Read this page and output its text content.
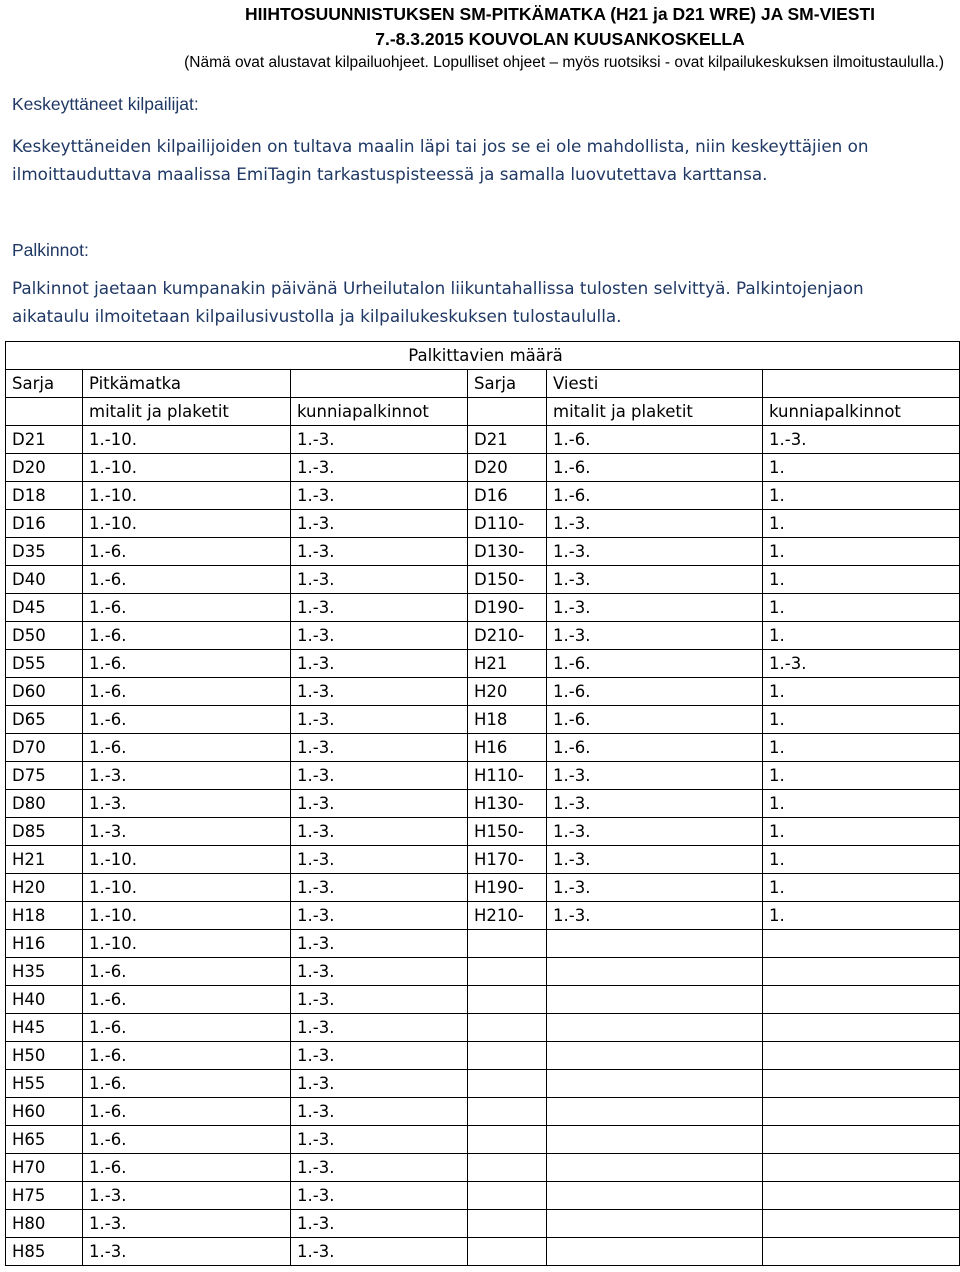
HIIHTOSUUNNISTUKSEN SM-PITKÄMATKA (H21 ja D21 WRE) JA SM-VIESTI
7.-8.3.2015 KOUVOLAN KUUSANKOSKELLA
(Nämä ovat alustavat kilpailuohjeet. Lopulliset ohjeet – myös ruotsiksi - ovat kilpailukeskuksen ilmoitustaululla.)
Keskeyttäneet kilpailijat:
Keskeyttäneiden kilpailijoiden on tultava maalin läpi tai jos se ei ole mahdollista, niin keskeyttäjien on
ilmoittauduttava maalissa EmiTagin tarkastuspisteessä ja samalla luovutettava karttansa.
Palkinnot:
Palkinnot jaetaan kumpanakin päivänä Urheilutalon liikuntahallissa tulosten selvittyä. Palkintojenjaon
aikataulu ilmoitetaan kilpailusivustolla ja kilpailukeskuksen tulostaululla.
Palkittavien määrä					
Sarja	Pitkämatka		Sarja	Viesti	
	mitalit ja plaketit	kunniapalkinnot		mitalit ja plaketit	kunniapalkinnot
D21	1.-10.	1.-3.	D21	1.-6.	1.-3.
D20	1.-10.	1.-3.	D20	1.-6.	1.
D18	1.-10.	1.-3.	D16	1.-6.	1.
D16	1.-10.	1.-3.	D110-	1.-3.	1.
D35	1.-6.	1.-3.	D130-	1.-3.	1.
D40	1.-6.	1.-3.	D150-	1.-3.	1.
D45	1.-6.	1.-3.	D190-	1.-3.	1.
D50	1.-6.	1.-3.	D210-	1.-3.	1.
D55	1.-6.	1.-3.	H21	1.-6.	1.-3.
D60	1.-6.	1.-3.	H20	1.-6.	1.
D65	1.-6.	1.-3.	H18	1.-6.	1.
D70	1.-6.	1.-3.	H16	1.-6.	1.
D75	1.-3.	1.-3.	H110-	1.-3.	1.
D80	1.-3.	1.-3.	H130-	1.-3.	1.
D85	1.-3.	1.-3.	H150-	1.-3.	1.
H21	1.-10.	1.-3.	H170-	1.-3.	1.
H20	1.-10.	1.-3.	H190-	1.-3.	1.
H18	1.-10.	1.-3.	H210-	1.-3.	1.
H16	1.-10.	1.-3.			
H35	1.-6.	1.-3.			
H40	1.-6.	1.-3.			
H45	1.-6.	1.-3.			
H50	1.-6.	1.-3.			
H55	1.-6.	1.-3.			
H60	1.-6.	1.-3.			
H65	1.-6.	1.-3.			
H70	1.-6.	1.-3.			
H75	1.-3.	1.-3.			
H80	1.-3.	1.-3.			
H85	1.-3.	1.-3.			
